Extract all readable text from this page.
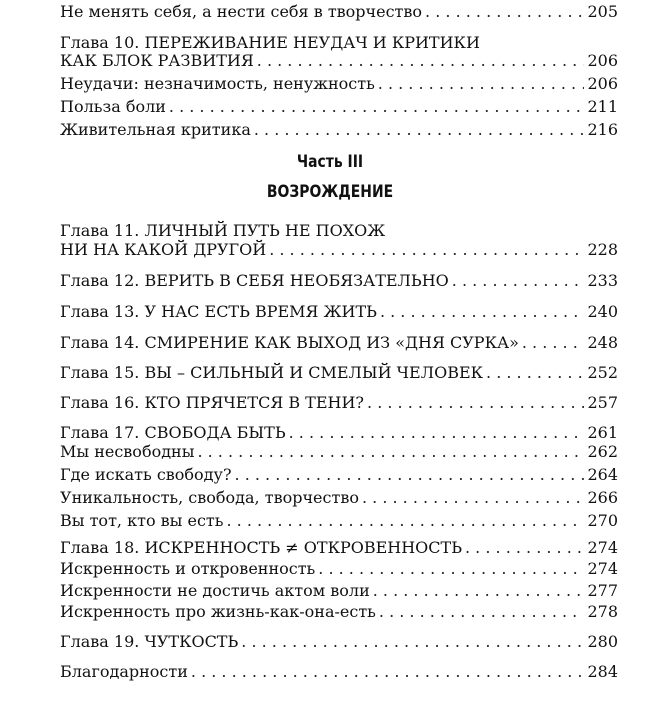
Не менять себя, а нести себя в творчество . . .	205
Глава 10. ПЕРЕЖИВАНИЕ НЕУДАЧ И КРИТИКИ
КАК БЛОК РАЗВИТИЯ . . .	206
Неудачи: незначимость, ненужность . . .	206
Польза боли . . .	211
Живительная критика . . .	216
Часть III
ВОЗРОЖДЕНИЕ
Глава 11. ЛИЧНЫЙ ПУТЬ НЕ ПОХОЖ
НИ НА КАКОЙ ДРУГОЙ . . .	228
Глава 12. ВЕРИТЬ В СЕБЯ НЕОБЯЗАТЕЛЬНО . . .	233
Глава 13. У НАС ЕСТЬ ВРЕМЯ ЖИТЬ . . .	240
Глава 14. СМИРЕНИЕ КАК ВЫХОД ИЗ «ДНЯ СУРКА» . . .	248
Глава 15. ВЫ – СИЛЬНЫЙ И СМЕЛЫЙ ЧЕЛОВЕК . . .	252
Глава 16. КТО ПРЯЧЕТСЯ В ТЕНИ? . . .	257
Глава 17. СВОБОДА БЫТЬ . . .	261
Мы несвободны . . .	262
Где искать свободу? . . .	264
Уникальность, свобода, творчество . . .	266
Вы тот, кто вы есть . . .	270
Глава 18. ИСКРЕННОСТЬ ≠ ОТКРОВЕННОСТЬ . . .	274
Искренность и откровенность . . .	274
Искренности не достичь актом воли . . .	277
Искренность про жизнь-как-она-есть . . .	278
Глава 19. ЧУТКОСТЬ . . .	280
Благодарности . . .	284
